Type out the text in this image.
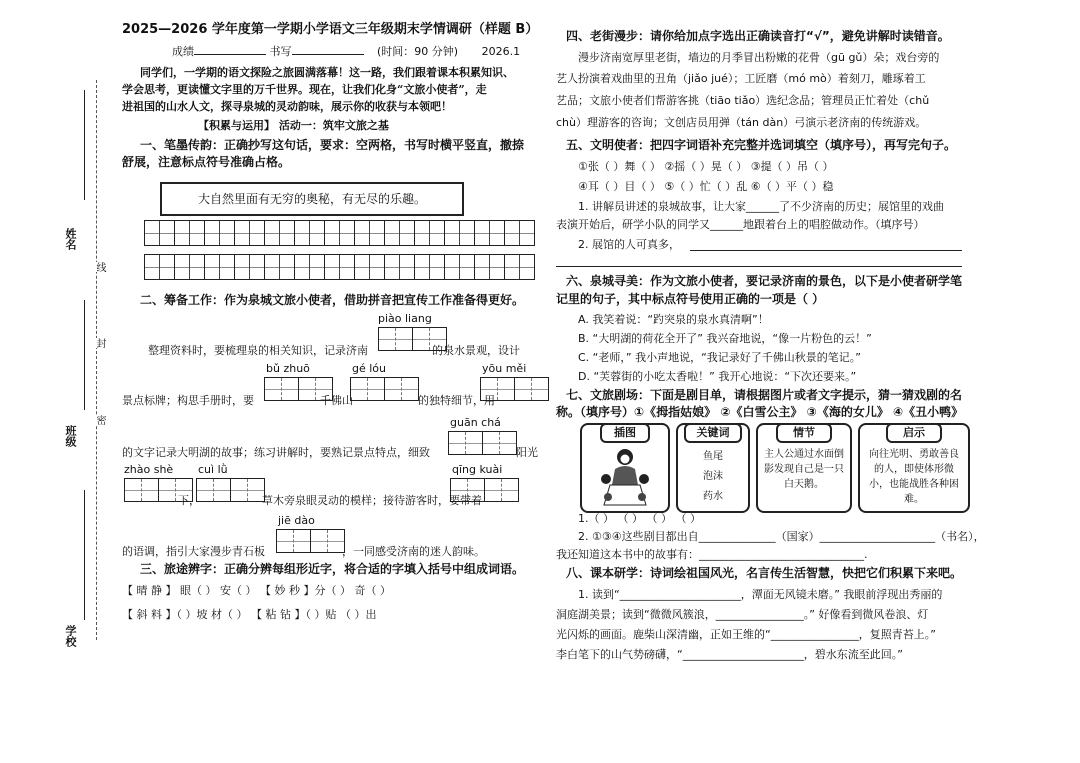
姓名
班级
学校
线
封
密
2025—2026 学年度第一学期小学语文三年级期末学情调研（样题 B）
成绩	书写	(时间：90 分钟) 2026.1
同学们，一学期的语文探险之旅圆满落幕！这一路，我们跟着课本积累知识、
学会思考，更读懂文字里的万千世界。现在，让我们化身“文旅小使者”，走
进祖国的山水人文，探寻泉城的灵动韵味，展示你的收获与本领吧！
【积累与运用】 活动一：筑牢文旅之基
一、笔墨传韵：正确抄写这句话，要求：空两格，书写时横平竖直，撤捺
舒展，注意标点符号准确占格。
大自然里面有无穷的奥秘，有无尽的乐趣。
二、筹备工作：作为泉城文旅小使者，借助拼音把宣传工作准备得更好。
piào liang
整理资料时，要梳理泉的相关知识，记录济南	的泉水景观，设计
bǔ zhuō	gé lóu	yōu měi
景点标牌；构思手册时，要	千佛山	的独特细节，用
guān chá
的文字记录大明湖的故事；练习讲解时，要熟记景点特点，细致	阳光
zhào shè cuì lǜ	qīng kuài
下，	草木旁泉眼灵动的模样；接待游客时，要带着
jiē dào
的语调，指引大家漫步青石板	，一同感受济南的迷人韵味。
三、旅途辨字：正确分辨每组形近字，将合适的字填入括号中组成词语。
【 晴 静 】 眼（ ） 安（ ） 【 妙 秒 】分（ ） 奇（ ）
【 斜 料 】（ ）坡 材（ ） 【 粘 钻 】（ ）贴 （ ）出
四、老街漫步：请你给加点字选出正确读音打“√”，避免讲解时读错音。
漫步济南宽厚里老街，墙边的月季冒出粉嫩的花骨（gū gǔ）朵；戏台旁的
艺人扮演着戏曲里的丑角（jiǎo jué）；工匠磨（mó mò）着刻刀，雕琢着工
艺品；文旅小使者们帮游客挑（tiāo tiǎo）选纪念品；管理员正忙着处（chǔ
chù）理游客的咨询；文创店员用弹（tán dàn）弓演示老济南的传统游戏。
五、文明使者：把四字词语补充完整并选词填空（填序号），再写完句子。
①张（ ）舞（ ） ②摇（ ）晃（ ） ③提（ ）吊（ ）
④耳（ ）目（ ） ⑤（ ）忙（ ）乱 ⑥（ ）平（ ）稳
1. 讲解员讲述的泉城故事，让大家______了不少济南的历史；展馆里的戏曲
表演开始后，研学小队的同学又______地跟着台上的唱腔做动作。（填序号）
2. 展馆的人可真多，
六、泉城寻美：作为文旅小使者，要记录济南的景色，以下是小使者研学笔
记里的句子，其中标点符号使用正确的一项是（ ）
A. 我笑着说：“趵突泉的泉水真清啊”！
B. “大明湖的荷花全开了” 我兴奋地说，“像一片粉色的云！”
C. “老师，” 我小声地说，“我记录好了千佛山秋景的笔记。”
D. “芙蓉街的小吃太香啦！” 我开心地说：“下次还要来。”
七、文旅剧场：下面是剧目单，请根据图片或者文字提示，猜一猜戏剧的名
称。（填序号）①《拇指姑娘》 ②《白雪公主》 ③《海的女儿》 ④《丑小鸭》
插图	关键词
鱼尾
泡沫
药水
情节
主人公通过水面倒影发现自己是一只白天鹅。
启示
向往光明、勇敢善良的人，即使体形微小，也能战胜各种困难。
1.（ ） （ ） （ ） （ ）
2. ①③④这些剧目都出自______________（国家）_____________________（书名），
我还知道这本书中的故事有：______________________________.
八、课本研学：诗词绘祖国风光，名言传生活智慧，快把它们积累下来吧。
1. 读到“______________________，潭面无风镜未磨。” 我眼前浮现出秀丽的
洞庭湖美景；读到“微微风簇浪，________________。” 好像看到微风卷浪、灯
光闪烁的画面。鹿柴山深清幽，正如王维的“________________，复照青苔上。”
李白笔下的山气势磅礴，“______________________，碧水东流至此回。”
